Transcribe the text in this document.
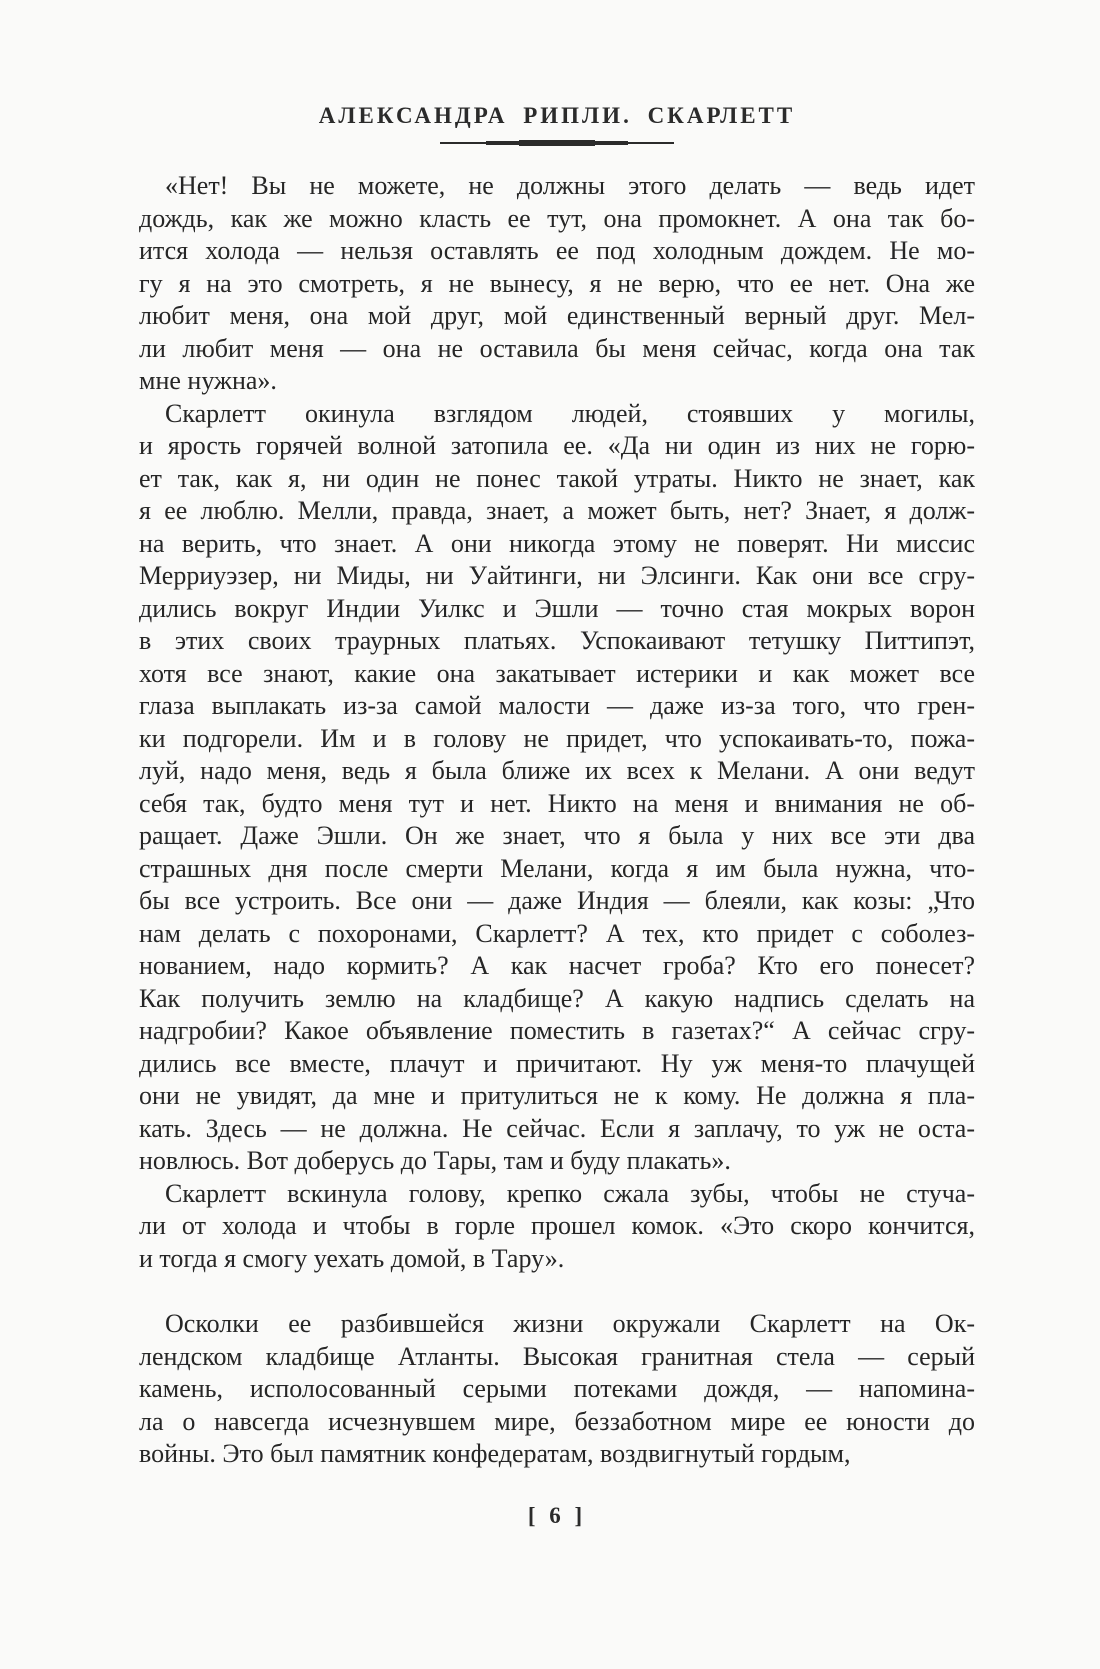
АЛЕКСАНДРА РИПЛИ. СКАРЛЕТТ
«Нет! Вы не можете, не должны этого делать — ведь идет
дождь, как же можно класть ее тут, она промокнет. А она так бо-
ится холода — нельзя оставлять ее под холодным дождем. Не мо-
гу я на это смотреть, я не вынесу, я не верю, что ее нет. Она же
любит меня, она мой друг, мой единственный верный друг. Мел-
ли любит меня — она не оставила бы меня сейчас, когда она так
мне нужна».
Скарлетт окинула взглядом людей, стоявших у могилы,
и ярость горячей волной затопила ее. «Да ни один из них не горю-
ет так, как я, ни один не понес такой утраты. Никто не знает, как
я ее люблю. Мелли, правда, знает, а может быть, нет? Знает, я долж-
на верить, что знает. А они никогда этому не поверят. Ни миссис
Мерриуэзер, ни Миды, ни Уайтинги, ни Элсинги. Как они все сгру-
дились вокруг Индии Уилкс и Эшли — точно стая мокрых ворон
в этих своих траурных платьях. Успокаивают тетушку Питтипэт,
хотя все знают, какие она закатывает истерики и как может все
глаза выплакать из-за самой малости — даже из-за того, что грен-
ки подгорели. Им и в голову не придет, что успокаивать-то, пожа-
луй, надо меня, ведь я была ближе их всех к Мелани. А они ведут
себя так, будто меня тут и нет. Никто на меня и внимания не об-
ращает. Даже Эшли. Он же знает, что я была у них все эти два
страшных дня после смерти Мелани, когда я им была нужна, что-
бы все устроить. Все они — даже Индия — блеяли, как козы: „Что
нам делать с похоронами, Скарлетт? А тех, кто придет с соболез-
нованием, надо кормить? А как насчет гроба? Кто его понесет?
Как получить землю на кладбище? А какую надпись сделать на
надгробии? Какое объявление поместить в газетах?“ А сейчас сгру-
дились все вместе, плачут и причитают. Ну уж меня-то плачущей
они не увидят, да мне и притулиться не к кому. Не должна я пла-
кать. Здесь — не должна. Не сейчас. Если я заплачу, то уж не оста-
новлюсь. Вот доберусь до Тары, там и буду плакать».
Скарлетт вскинула голову, крепко сжала зубы, чтобы не стуча-
ли от холода и чтобы в горле прошел комок. «Это скоро кончится,
и тогда я смогу уехать домой, в Тару».
Осколки ее разбившейся жизни окружали Скарлетт на Ок-
лендском кладбище Атланты. Высокая гранитная стела — серый
камень, исполосованный серыми потеками дождя, — напомина-
ла о навсегда исчезнувшем мире, беззаботном мире ее юности до
войны. Это был памятник конфедератам, воздвигнутый гордым,
[ 6 ]
